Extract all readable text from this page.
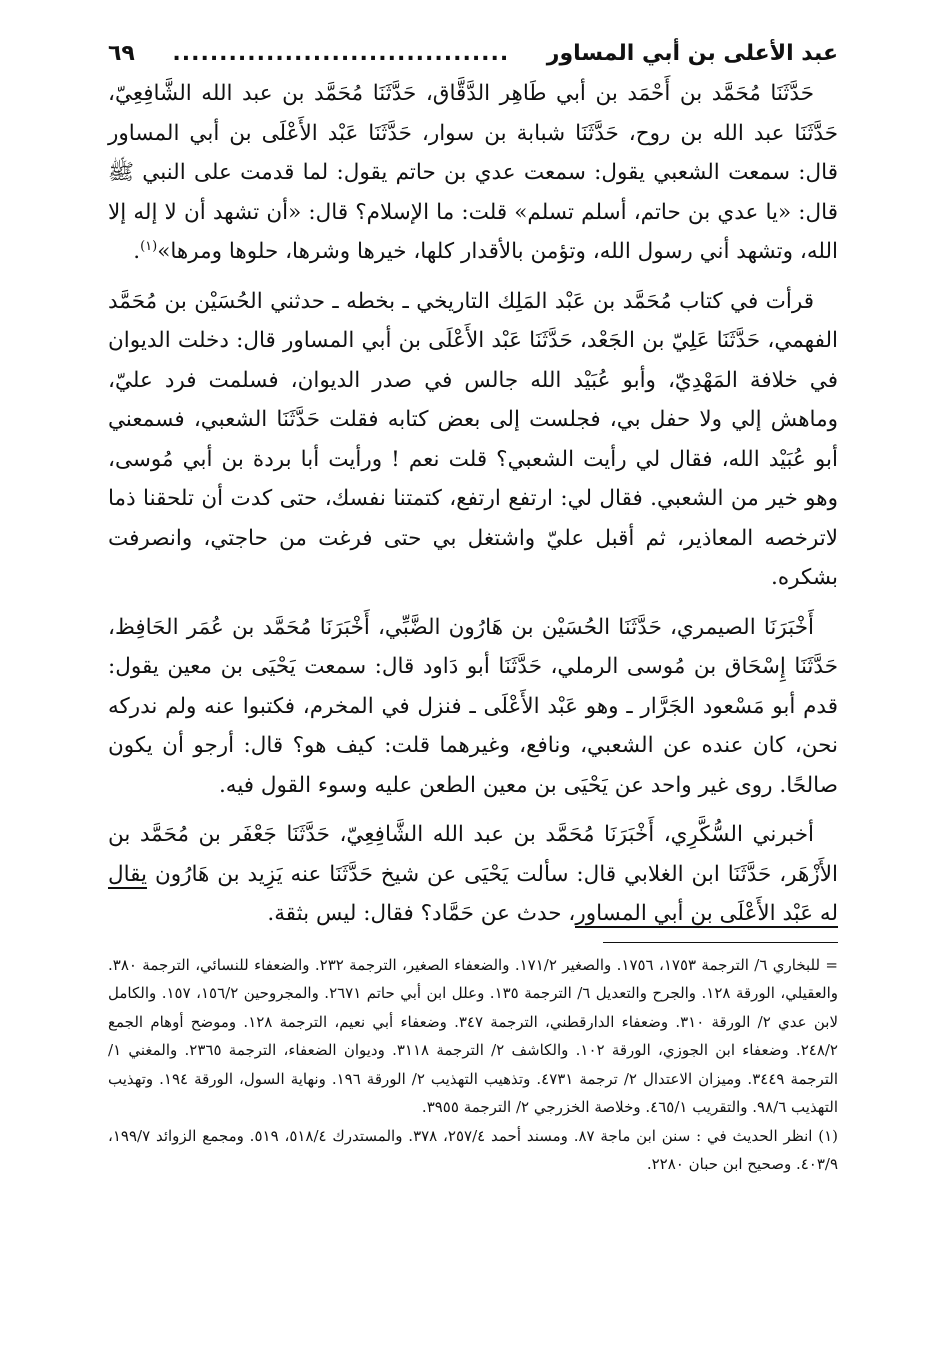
عبد الأعلى بن أبي المساور
....................................
٦٩

حَدَّثَنَا مُحَمَّد بن أَحْمَد بن أبي طَاهِر الدَّقَّاق، حَدَّثَنَا مُحَمَّد بن عبد الله الشَّافِعِيّ، حَدَّثَنَا عبد الله بن روح، حَدَّثَنَا شبابة بن سوار، حَدَّثَنَا عَبْد الأَعْلَى بن أبي المساور قال: سمعت الشعبي يقول: سمعت عدي بن حاتم يقول: لما قدمت على النبي ﷺ قال: «يا عدي بن حاتم، أسلم تسلم» قلت: ما الإسلام؟ قال: «أن تشهد أن لا إله إلا الله، وتشهد أني رسول الله، وتؤمن بالأقدار كلها، خيرها وشرها، حلوها ومرها»$^{(١)}$.

قرأت في كتاب مُحَمَّد بن عَبْد المَلِك التاريخي ـ بخطه ـ حدثني الحُسَيْن بن مُحَمَّد الفهمي، حَدَّثَنَا عَلِيّ بن الجَعْد، حَدَّثَنَا عَبْد الأَعْلَى بن أبي المساور قال: دخلت الديوان في خلافة المَهْدِيّ، وأبو عُبَيْد الله جالس في صدر الديوان، فسلمت فرد عليّ، وماهش إلي ولا حفل بي، فجلست إلى بعض كتابه فقلت حَدَّثَنَا الشعبي، فسمعني أبو عُبَيْد الله، فقال لي رأيت الشعبي؟ قلت نعم ! ورأيت أبا بردة بن أبي مُوسى، وهو خير من الشعبي. فقال لي: ارتفع ارتفع، كتمتنا نفسك، حتى كدت أن تلحقنا ذما لاترخصه المعاذير، ثم أقبل عليّ واشتغل بي حتى فرغت من حاجتي، وانصرفت بشكره.

أَخْبَرَنَا الصيمري، حَدَّثَنَا الحُسَيْن بن هَارُون الضَّبِّي، أَخْبَرَنَا مُحَمَّد بن عُمَر الحَافِظ، حَدَّثَنَا إِسْحَاق بن مُوسى الرملي، حَدَّثَنَا أبو دَاود قال: سمعت يَحْيَى بن معين يقول: قدم أبو مَسْعود الجَرَّار ـ وهو عَبْد الأَعْلَى ـ فنزل في المخرم، فكتبوا عنه ولم ندركه نحن، كان عنده عن الشعبي، ونافع، وغيرهما قلت: كيف هو؟ قال: أرجو أن يكون صالحًا. روى غير واحد عن يَحْيَى بن معين الطعن عليه وسوء القول فيه.

أخبرني السُّكَّرِي، أَخْبَرَنَا مُحَمَّد بن عبد الله الشَّافِعِيّ، حَدَّثَنَا جَعْفَر بن مُحَمَّد بن الأَزْهَر، حَدَّثَنَا ابن الغلابي قال: سألت يَحْيَى عن شيخ حَدَّثَنَا عنه يَزِيد بن هَارُون يقال له عَبْد الأَعْلَى بن أبي المساور، حدث عن حَمَّاد؟ فقال: ليس بثقة.

= للبخاري ٦/ الترجمة ١٧٥٣، ١٧٥٦. والصغير ١٧١/٢. والضعفاء الصغير، الترجمة ٢٣٢. والضعفاء للنسائي، الترجمة ٣٨٠. والعقيلي، الورقة ١٢٨. والجرح والتعديل ٦/ الترجمة ١٣٥. وعلل ابن أبي حاتم ٢٦٧١. والمجروحين ١٥٦/٢، ١٥٧. والكامل لابن عدي ٢/ الورقة ٣١٠. وضعفاء الدارقطني، الترجمة ٣٤٧. وضعفاء أبي نعيم، الترجمة ١٢٨. وموضح أوهام الجمع ٢٤٨/٢. وضعفاء ابن الجوزي، الورقة ١٠٢. والكاشف ٢/ الترجمة ٣١١٨. وديوان الضعفاء، الترجمة ٢٣٦٥. والمغني ١/ الترجمة ٣٤٤٩. وميزان الاعتدال ٢/ ترجمة ٤٧٣١. وتذهيب التهذيب ٢/ الورقة ١٩٦. ونهاية السول، الورقة ١٩٤. وتهذيب التهذيب ٩٨/٦. والتقريب ٤٦٥/١. وخلاصة الخزرجي ٢/ الترجمة ٣٩٥٥.

(١) انظر الحديث في : سنن ابن ماجة ٨٧. ومسند أحمد ٢٥٧/٤، ٣٧٨. والمستدرك ٥١٨/٤، ٥١٩. ومجمع الزوائد ١٩٩/٧، ٤٠٣/٩. وصحيح ابن حبان ٢٢٨٠.
